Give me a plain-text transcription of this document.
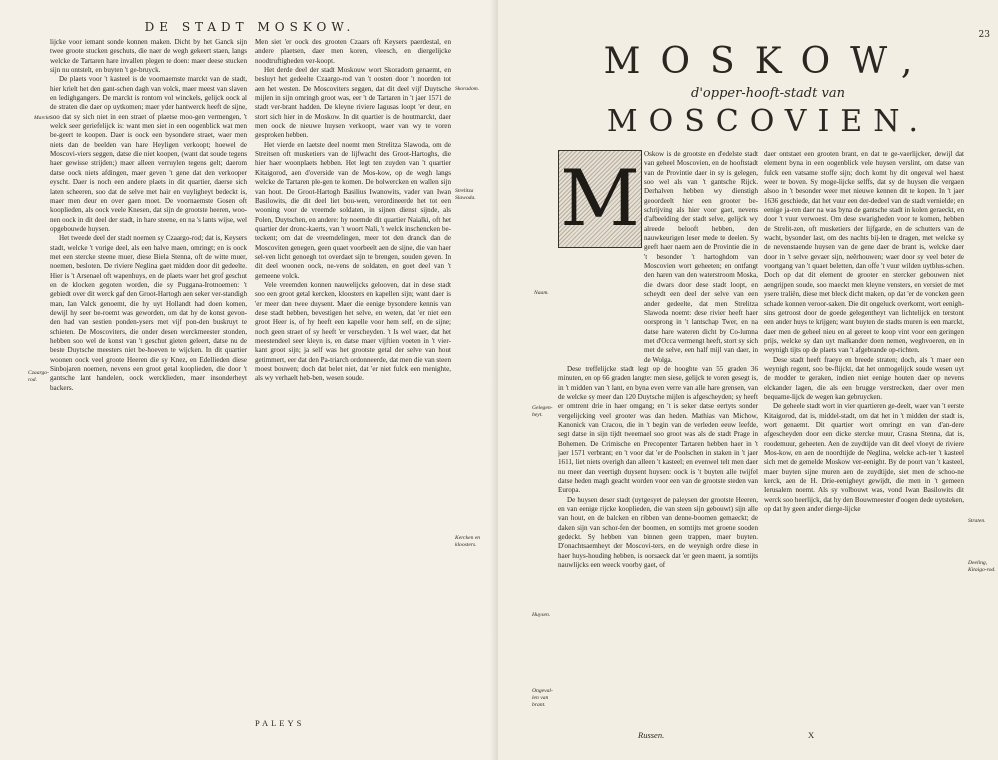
DE STADT MOSKOW.

lijcke voor iemant sonde konnen maken. Dicht by het Ganck sijn twee groote stucken geschuts, die naer de wegh gekeert staen, langs welcke de Tartaren hare invallen plegen te doen: maer deese stucken sijn nu ontstelt, en buyten 't ge-bruyck.

De plaets voor 't kasteel is de voornaemste marckt van de stadt, hier krielt het den gant-schen dagh van volck, maer meest van slaven en ledighgangers. De marckt is rontom vol winckels, gelijck oock al de straten die daer op uytkomen; maer yder hantwerck heeft de sijne, soo dat sy sich niet in een straet of plaetse moo-gen vermengen, 't welck seer geriefelijck is: want men siet in een oogenblick wat men be-geert te koopen. Daer is oock een bysondere straet, waer men niets dan de beelden van hare Heyligen verkoopt; hoewel de Moscovi-viers seggen, datse die niet koopen, (want dat soude tegens haer gewisse strijden;) maer alleen verruylen tegens gelt; daerom datse oock niets afdingen, maer geven 't gene dat den verkooper eyscht. Daer is noch een andere plaets in dit quartier, daerse sich laten scheeren, soo dat de selve met hair en vuyligheyt bedeckt is, maer men deur en over gaen moet. De voornaemste Gosen oft kooplieden, als oock veele Knesen, dat sijn de grootste heeren, woo-nen oock in dit deel der stadt, in hare steene, en na 's lants wijse, wel opgebouwde huysen.

Het tweede deel der stadt noemen sy Czaargo-rod; dat is, Keysers stadt, welcke 't vorige deel, als een halve maen, omringt; en is oock met een stercke steene muer, diese Biela Stenna, oft de witte muer, noemen, besloten. De riviere Neglina gaet midden door dit gedeelte. Hier is 't Arsenael oft wapenhuys, en de plaets waer het grof geschut en de klocken gegoten worden, die sy Puggana-Irotnoemen: 't gebiedt over dit werck gaf den Groot-Hartogh aen seker ver-standigh man, Ian Valck genoemt, die hy uyt Hollandt had doen komen, dewijl hy seer be-roemt was geworden, om dat hy de konst gevon-den had van sestien ponden-ysers met vijf pon-den buskruyt te schieten. De Moscoviters, die onder desen werckmeester stonden, hebben soo wel de konst van 't geschut gieten geleert, datse nu de beste Duytsche meesters niet be-hoeven te wijcken. In dit quartier woonen oock veel groote Heeren die sy Knez, en Edellieden diese Sinbojaren noemen, nevens een groot getal kooplieden, die door 't gantsche lant handelen, oock wercklieden, maer insonderheyt backers.

Men siet 'er oock des grooten Czaars oft Keysers paerdestal, en andere plaetsen, daer men koren, vleesch, en diergelijcke noodtruftigheden ver-koopt.

Het derde deel der stadt Moskouw wort Skoradom genaemt, en besluyt het gedeelte Czaargo-rod van 't oosten door 't noorden tot aen het westen. De Moscoviters seggen, dat dit deel vijf Duytsche mijlen in sijn omringh groot was, eer 't de Tartaren in 't jaer 1571 de stadt ver-brant hadden. De kleyne riviere Iagusas loopt 'er deur, en stort sich hier in de Moskow. In dit quartier is de houtmarckt, daer men oock de nieuwe huysen verkoopt, waer van wy te voren gesproken hebben.

Het vierde en laetste deel noemt men Strelitza Slawoda, om de Streitsen oft musketiers van de lijfwacht des Groot-Hartoghs, die hier haer woonplaets hebben. Het legt ten zuyden van 't quartier Kitaigorod, aen d'overside van de Mos-kow, op de wegh langs welcke de Tartaren ple-gen te komen. De bolwercken en wallen sijn van hout. De Groot-Hartogh Basilius Iwanowits, vader van Iwan Basilowits, die dit deel liet bou-wen, verordineerde het tot een wooning voor de vreemde soldaten, in sijnen dienst sijnde, als Polen, Duytschen, en andere: hy noemde dit quartier Naialki, oft het quartier der dronc-kaerts, van 't woort Nali, 't welck inschencken be-teckent; om dat de vreemdelingen, meer tot den dranck dan de Moscoviten genegen, geen quaet voorbeelt aen de sijne, die van haer sel-ven licht genoegh tot overdaet sijn te brengen, souden geven. In dit deel woonen oock, ne-vens de soldaten, en goet deel van 't gemeene volck.

Vele vreemden konnen nauwelijcks gelooven, dat in dese stadt soo een groot getal kercken, kloosters en kapellen sijn; want daer is 'er meer dan twee duysent. Maer die eenige bysondere kennis van dese stadt hebben, bevestigen het selve, en weten, dat 'er niet een groot Heer is, of hy heeft een kapelle voor hem self, en de sijne; noch geen straet of sy heeft 'er verscheyden. 't Is wel waer, dat het meestendeel seer kleyn is, en datse maer vijftien voeten in 't vier-kant groot sijn; ja self was het grootste getal der selve van hout getimmert, eer dat den Pa-triarch ordonneerde, dat men die van steen moest bouwen; doch dat belet niet, dat 'er niet fulck een menighte, als wy verhaelt heb-ben, wesen soude.

Marckt.
Czaargo-rod.
Skoradom.
Strelitza Slawoda.
Kercken en kloosters.
PALEYS
23
MOSKOW,
d'opper-hooft-stadt van
MOSCOVIEN.
M Oskow is de grootste en d'edelste stadt van geheel Moscovien, en de hooftstadt van de Provintie daer in sy is gelegen, soo wel als van 't gantsche Rijck. Derhalven hebben wy dienstigh geoordeelt hier een grooter be-schrijving als hier voor gaet, nevens d'afbeelding der stadt selve, gelijck wy alreede belooft hebben, den nauwkeurigen leser mede te deelen. Sy geeft haer naem aen de Provintie die in 't besonder 't hartoghdom van Moscovien wort geheeten; en ontfangt den haren van den waterstroom Moska, die dwars door dese stadt loopt, en scheydt een deel der selve van een ander gedeelte, dat men Strelitza Slawoda noemt: dese rivier heeft haer oorsprong in 't lantschap Twer, en na datse hare wateren dicht by Co-lumna met d'Occa vermengt heeft, stort sy sich met de selve, een half mijl van daer, in de Wolga.

Dese treffelijcke stadt legt op de hooghte van 55 graden 36 minuten, en op 66 graden langte: men siese, gelijck te voren gesegt is, in 't midden van 't lant, en byna even verre van alle hare grensen, van de welcke sy meer dan 120 Duytsche mijlen is afgescheyden; sy heeft er omtrent drie in haer omgang; en 't is seker datse eertyts sonder vergelijcking veel grooter was dan heden. Mathias van Michow, Kanonick van Cracou, die in 't begin van de verleden eeuw leefde, segt datse in sijn tijdt tweemael soo groot was als de stadt Prage in Bohemen. De Crimische en Precopenter Tartaren hebben haer in 't jaer 1571 verbrant; en 't voor dat 'er de Poolschen in staken in 't jaer 1611, liet niets overigh dan alleen 't kasteel; en evenwel telt men daer nu meer dan veertigh duysent huysen: oock is 't buyten alle twijfel datse heden magh geacht worden voor een van de grootste steden van Europa.

De huysen deser stadt (uytgesyet de paleysen der grootste Heeren, en van eenige rijcke kooplieden, die van steen sijn gebouwt) sijn alle van hout, en de balcken en ribben van denne-boomen gemaeckt; de daken sijn van schor-fen der boomen, en somtijts met groene sooden gedeckt. Sy hebben van binnen geen trappen, maer buyten. D'onachtsaemheyt der Moscovi-ters, en de weynigh ordre diese in haer huys-houding hebben, is oorsaeck dat 'er geen maent, ja somtijts nauwlijcks een weeck voorby gaet, of

daer ontstaet een grooten brant, en dat te ge-vaerlijcker, dewijl dat element byna in een oogenblick vele huysen verslint, om datse van fulck een vatsame stoffe sijn; doch komt hy dit ongeval wel haest weer te boven. Sy moge-lijcke selffs, dat sy de huysen die vergaen alsoo in 't besonder weer met nieuwe kennen dit te kopen. In 't jaer 1636 geschiede, dat het vuur een der-dedeel van de stadt vernielde; en eenige ja-ren daer na was byna de gantsche stadt in kolen geraeckt, en door 't vuur verwoest. Om dese swarigheden voor te komen, hebben de Strelit-zen, oft musketiers der lijfgarde, en de schutters van de wacht, bysonder last, om des nachts bij-len te dragen, met welcke sy de nevenstaende huysen van de gene daer de brant is, welcke daer door in 't selve gevaer sijn, neêrhouwen; waer door sy veel beter de voortgang van 't quaet beletten, dan offe 't vuur wilden uytblus-schen. Doch op dat dit element de grooter en stercker gebouwen niet aengrijpen soude, soo maeckt men kleyne vensters, en versiet de met ysere traliën, diese met bleck dicht maken, op dat 'er de voncken geen schade konnen veroor-saken. Die dit ongeluck overkomt, wort eenigh-sins getroost door de goede gelegentheyt van lichtelijck en terstont een ander huys te krijgen; want buyten de stadts muren is een marckt, daer men de geheel nieu en al gereet te koop vint voor een geringen prijs, welcke sy dan uyt malkander doen nemen, weghvoeren, en in weynigh tijts op de plaets van 't afgebrande op-richten.

Dese stadt heeft fraeye en breede straten; doch, als 't maer een weynigh regent, soo be-flijckt, dat het onmogelijck soude wesen uyt de modder te geraken, indien niet eenige houten daer op nevens elckander lagen, die als een brugge verstrecken, daer over men bequame-lijck de wegen kan gebruycken.

De geheele stadt wort in vier quartieren ge-deelt, waer van 't eerste Kitaigorod, dat is, middel-stadt, om dat het in 't midden der stadt is, wort genaemt. Dit quartier wort omringt en van d'an-dere afgescheyden door een dicke stercke muur, Crasna Stenna, dat is, roodemuur, geheeten. Aen de zuydtijde van dit deel vloeyt de riviere Mos-kow, en aen de noordtijde de Neglina, welcke ach-ter 't kasteel sich met de gemelde Moskow ver-eenight. By de poort van 't kasteel, maer buyten sijne muren aen de zuydtijde, siet men de schoo-ne kerck, aen de H. Drie-eenigheyt gewijdt, die men in 't gemeen Ierusalem noemt. Als sy volbouwt was, vond Iwan Basilowits dit werck soo heerlijck, dat hy den Bouwmeester d'oogen dede uytsteken, op dat hy geen ander dierge-lijcke

Naam.
Gelegen-heyt.
Huysen.
Ongeval-len van brant.
Straten.
Deeling, Kitaigo-rod.
Russen.	X
